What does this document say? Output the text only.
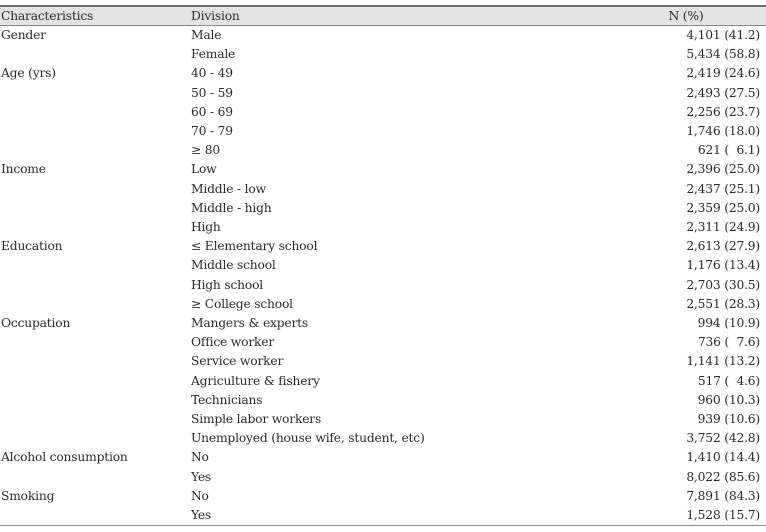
Characteristics	Division	N (%)
Gender	Male	4,101 (41.2)
	Female	5,434 (58.8)
Age (yrs)	40 - 49	2,419 (24.6)
	50 - 59	2,493 (27.5)
	60 - 69	2,256 (23.7)
	70 - 79	1,746 (18.0)
	≥ 80	621 (  6.1)
Income	Low	2,396 (25.0)
	Middle - low	2,437 (25.1)
	Middle - high	2,359 (25.0)
	High	2,311 (24.9)
Education	≤ Elementary school	2,613 (27.9)
	Middle school	1,176 (13.4)
	High school	2,703 (30.5)
	≥ College school	2,551 (28.3)
Occupation	Mangers & experts	994 (10.9)
	Office worker	736 (  7.6)
	Service worker	1,141 (13.2)
	Agriculture & fishery	517 (  4.6)
	Technicians	960 (10.3)
	Simple labor workers	939 (10.6)
	Unemployed (house wife, student, etc)	3,752 (42.8)
Alcohol consumption	No	1,410 (14.4)
	Yes	8,022 (85.6)
Smoking	No	7,891 (84.3)
	Yes	1,528 (15.7)
